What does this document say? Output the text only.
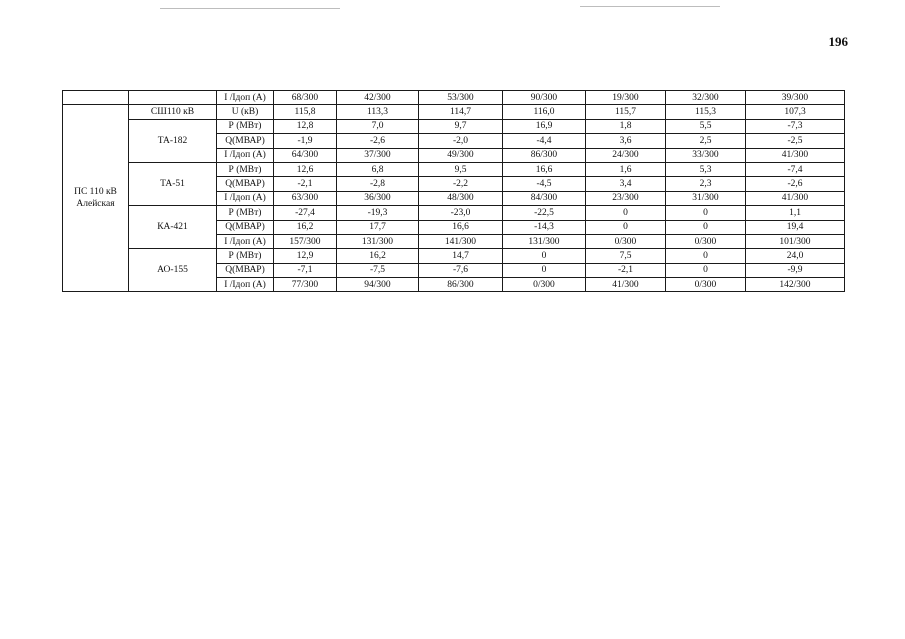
196
		I /Iдоп (А)	68/300	42/300	53/300	90/300	19/300	32/300	39/300

ПС 110 кВ
Алейская	СШ110 кВ	U (кВ)	115,8	113,3	114,7	116,0	115,7	115,3	107,3
	ТА-182	Р (МВт)	12,8	7,0	9,7	16,9	1,8	5,5	-7,3
		Q(МВАР)	-1,9	-2,6	-2,0	-4,4	3,6	2,5	-2,5
		I /Iдоп (А)	64/300	37/300	49/300	86/300	24/300	33/300	41/300
	ТА-51	Р (МВт)	12,6	6,8	9,5	16,6	1,6	5,3	-7,4
		Q(МВАР)	-2,1	-2,8	-2,2	-4,5	3,4	2,3	-2,6
		I /Iдоп (А)	63/300	36/300	48/300	84/300	23/300	31/300	41/300
	КА-421	Р (МВт)	-27,4	-19,3	-23,0	-22,5	0	0	1,1
		Q(МВАР)	16,2	17,7	16,6	-14,3	0	0	19,4
		I /Iдоп (А)	157/300	131/300	141/300	131/300	0/300	0/300	101/300
	АО-155	Р (МВт)	12,9	16,2	14,7	0	7,5	0	24,0
		Q(МВАР)	-7,1	-7,5	-7,6	0	-2,1	0	-9,9
		I /Iдоп (А)	77/300	94/300	86/300	0/300	41/300	0/300	142/300
